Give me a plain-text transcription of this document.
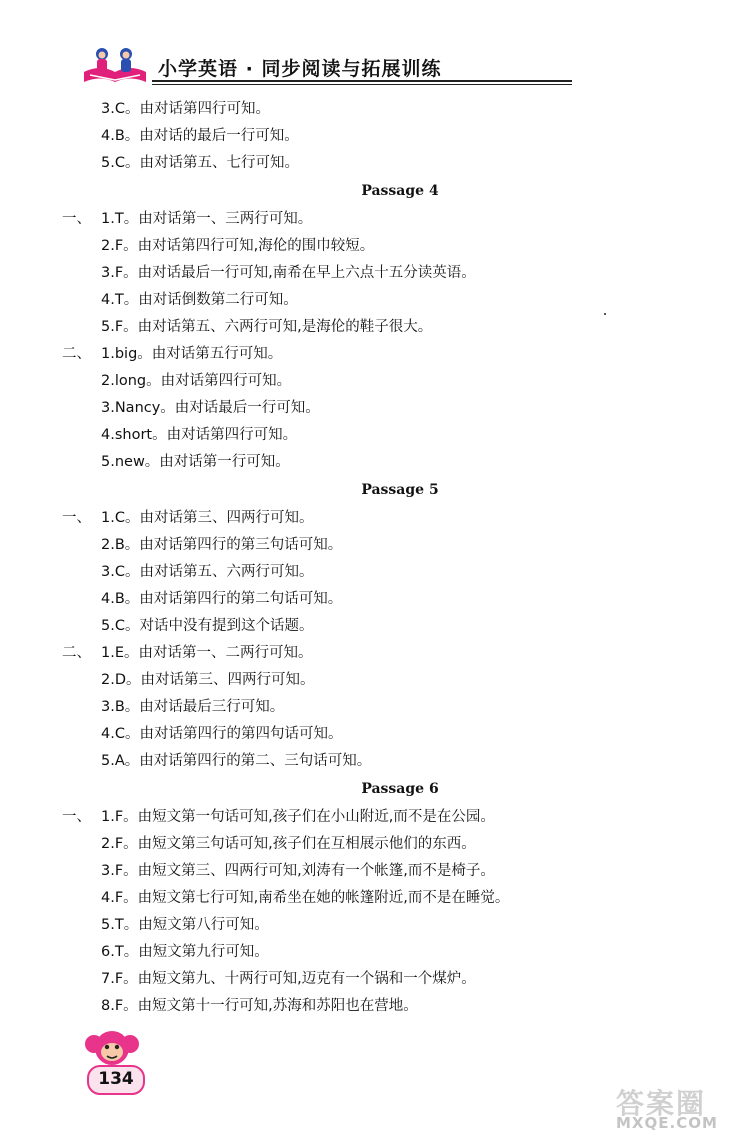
小学英语 · 同步阅读与拓展训练
3.C。由对话第四行可知。
4.B。由对话的最后一行可知。
5.C。由对话第五、七行可知。
Passage 4
一、 1.T。由对话第一、三两行可知。
2.F。由对话第四行可知,海伦的围巾较短。
3.F。由对话最后一行可知,南希在早上六点十五分读英语。
4.T。由对话倒数第二行可知。
5.F。由对话第五、六两行可知,是海伦的鞋子很大。
二、 1.big。由对话第五行可知。
2.long。由对话第四行可知。
3.Nancy。由对话最后一行可知。
4.short。由对话第四行可知。
5.new。由对话第一行可知。
Passage 5
一、 1.C。由对话第三、四两行可知。
2.B。由对话第四行的第三句话可知。
3.C。由对话第五、六两行可知。
4.B。由对话第四行的第二句话可知。
5.C。对话中没有提到这个话题。
二、 1.E。由对话第一、二两行可知。
2.D。由对话第三、四两行可知。
3.B。由对话最后三行可知。
4.C。由对话第四行的第四句话可知。
5.A。由对话第四行的第二、三句话可知。
Passage 6
一、 1.F。由短文第一句话可知,孩子们在小山附近,而不是在公园。
2.F。由短文第三句话可知,孩子们在互相展示他们的东西。
3.F。由短文第三、四两行可知,刘涛有一个帐篷,而不是椅子。
4.F。由短文第七行可知,南希坐在她的帐篷附近,而不是在睡觉。
5.T。由短文第八行可知。
6.T。由短文第九行可知。
7.F。由短文第九、十两行可知,迈克有一个锅和一个煤炉。
8.F。由短文第十一行可知,苏海和苏阳也在营地。
134
答案圈
MXQE.COM
